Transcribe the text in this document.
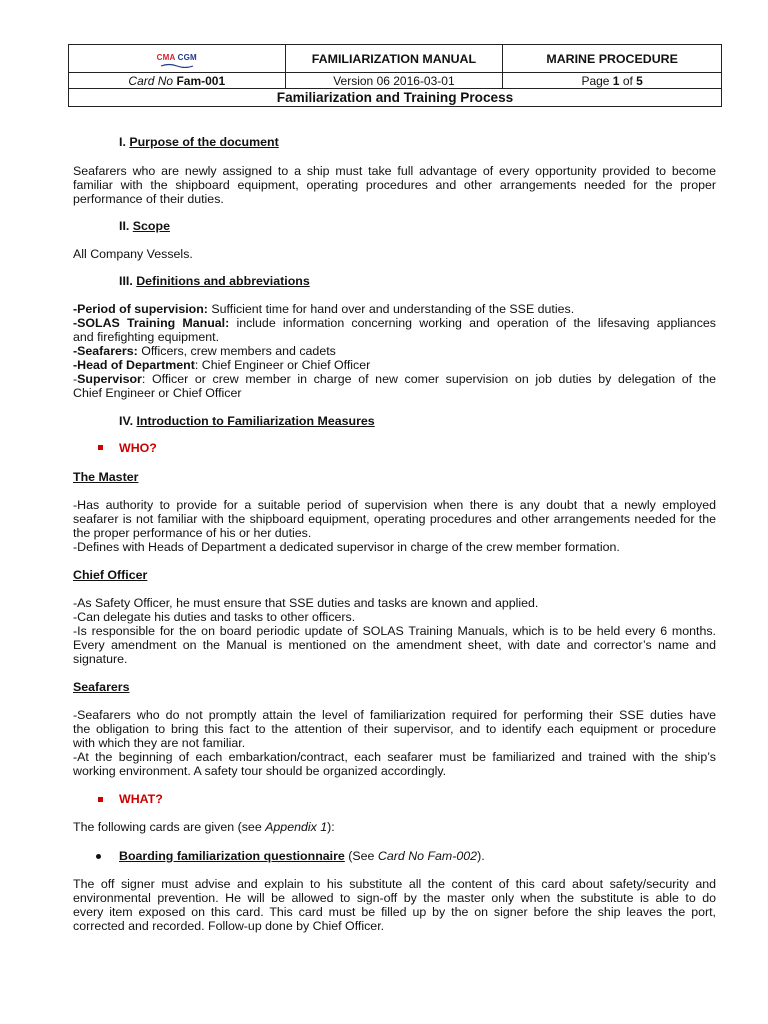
CMA CGM	FAMILIARIZATION MANUAL	MARINE PROCEDURE
Card No Fam-001	Version 06 2016-03-01	Page 1 of 5
Familiarization and Training Process		
I. Purpose of the document
Seafarers who are newly assigned to a ship must take full advantage of every opportunity provided to become
familiar with the shipboard equipment, operating procedures and other arrangements needed for the proper
performance of their duties.
II. Scope
All Company Vessels.
III. Definitions and abbreviations
-Period of supervision: Sufficient time for hand over and understanding of the SSE duties.
-SOLAS Training Manual: include information concerning working and operation of the lifesaving appliances
and firefighting equipment.
-Seafarers: Officers, crew members and cadets
-Head of Department: Chief Engineer or Chief Officer
-Supervisor: Officer or crew member in charge of new comer supervision on job duties by delegation of the
Chief Engineer or Chief Officer
IV. Introduction to Familiarization Measures
WHO?
The Master
-Has authority to provide for a suitable period of supervision when there is any doubt that a newly employed
seafarer is not familiar with the shipboard equipment, operating procedures and other arrangements needed for the
the proper performance of his or her duties.
-Defines with Heads of Department a dedicated supervisor in charge of the crew member formation.
Chief Officer
-As Safety Officer, he must ensure that SSE duties and tasks are known and applied.
-Can delegate his duties and tasks to other officers.
-Is responsible for the on board periodic update of SOLAS Training Manuals, which is to be held every 6 months.
Every amendment on the Manual is mentioned on the amendment sheet, with date and corrector’s name and
signature.
Seafarers
-Seafarers who do not promptly attain the level of familiarization required for performing their SSE duties have
the obligation to bring this fact to the attention of their supervisor, and to identify each equipment or procedure
with which they are not familiar.
-At the beginning of each embarkation/contract, each seafarer must be familiarized and trained with the ship’s
working environment. A safety tour should be organized accordingly.
WHAT?
The following cards are given (see Appendix 1):
Boarding familiarization questionnaire (See Card No Fam-002).
The off signer must advise and explain to his substitute all the content of this card about safety/security and
environmental prevention. He will be allowed to sign-off by the master only when the substitute is able to do
every item exposed on this card. This card must be filled up by the on signer before the ship leaves the port,
corrected and recorded. Follow-up done by Chief Officer.
